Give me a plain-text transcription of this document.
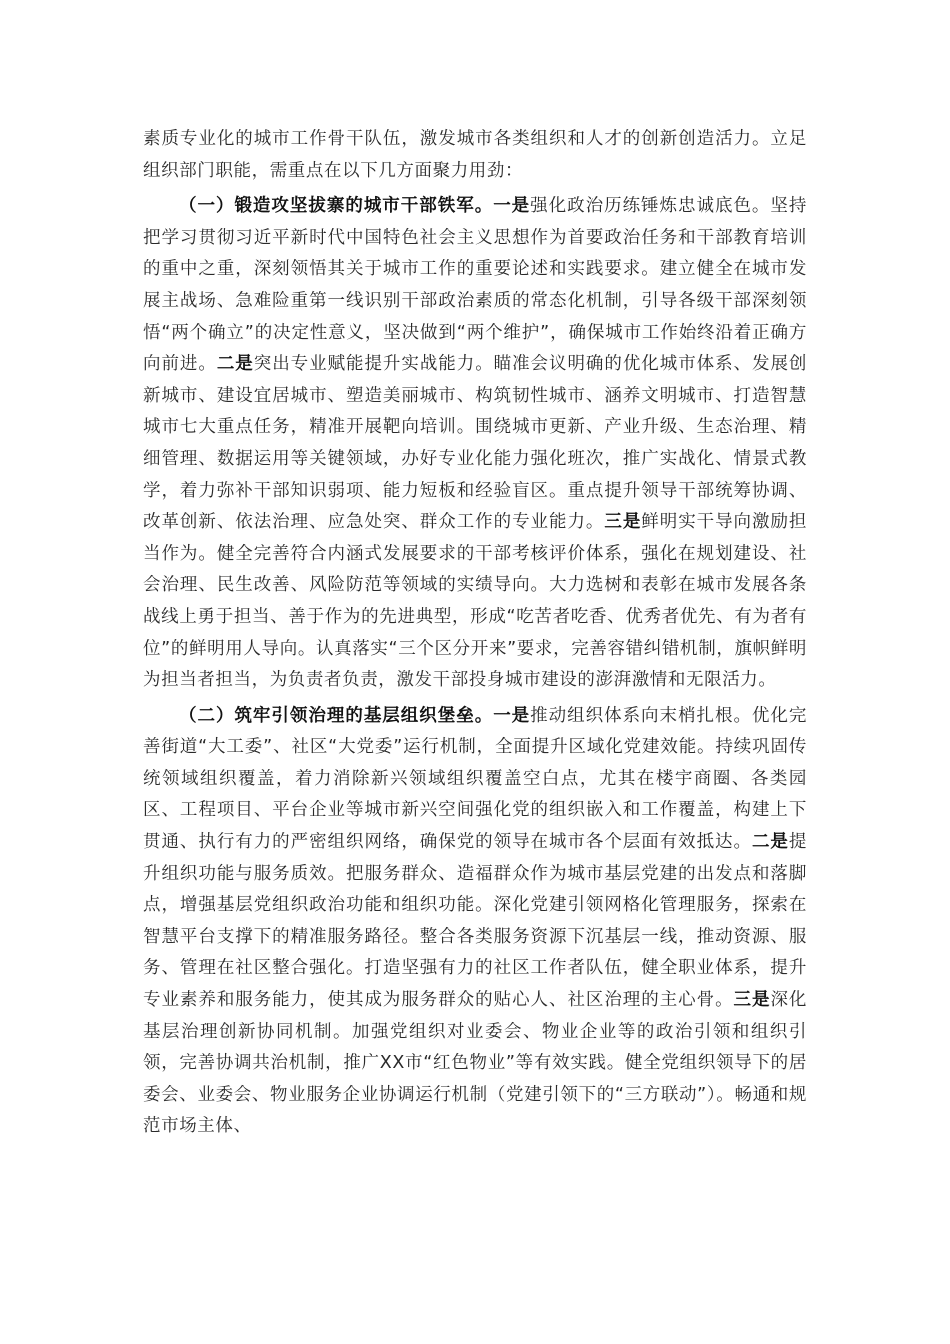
素质专业化的城市工作骨干队伍，激发城市各类组织和人才的创新创造活力。立足组织部门职能，需重点在以下几方面聚力用劲：

（一）锻造攻坚拔寨的城市干部铁军。一是强化政治历练锤炼忠诚底色。坚持把学习贯彻习近平新时代中国特色社会主义思想作为首要政治任务和干部教育培训的重中之重，深刻领悟其关于城市工作的重要论述和实践要求。建立健全在城市发展主战场、急难险重第一线识别干部政治素质的常态化机制，引导各级干部深刻领悟“两个确立”的决定性意义，坚决做到“两个维护”，确保城市工作始终沿着正确方向前进。二是突出专业赋能提升实战能力。瞄准会议明确的优化城市体系、发展创新城市、建设宜居城市、塑造美丽城市、构筑韧性城市、涵养文明城市、打造智慧城市七大重点任务，精准开展靶向培训。围绕城市更新、产业升级、生态治理、精细管理、数据运用等关键领域，办好专业化能力强化班次，推广实战化、情景式教学，着力弥补干部知识弱项、能力短板和经验盲区。重点提升领导干部统筹协调、改革创新、依法治理、应急处突、群众工作的专业能力。三是鲜明实干导向激励担当作为。健全完善符合内涵式发展要求的干部考核评价体系，强化在规划建设、社会治理、民生改善、风险防范等领域的实绩导向。大力选树和表彰在城市发展各条战线上勇于担当、善于作为的先进典型，形成“吃苦者吃香、优秀者优先、有为者有位”的鲜明用人导向。认真落实“三个区分开来”要求，完善容错纠错机制，旗帜鲜明为担当者担当，为负责者负责，激发干部投身城市建设的澎湃激情和无限活力。

（二）筑牢引领治理的基层组织堡垒。一是推动组织体系向末梢扎根。优化完善街道“大工委”、社区“大党委”运行机制，全面提升区域化党建效能。持续巩固传统领域组织覆盖，着力消除新兴领域组织覆盖空白点，尤其在楼宇商圈、各类园区、工程项目、平台企业等城市新兴空间强化党的组织嵌入和工作覆盖，构建上下贯通、执行有力的严密组织网络，确保党的领导在城市各个层面有效抵达。二是提升组织功能与服务质效。把服务群众、造福群众作为城市基层党建的出发点和落脚点，增强基层党组织政治功能和组织功能。深化党建引领网格化管理服务，探索在智慧平台支撑下的精准服务路径。整合各类服务资源下沉基层一线，推动资源、服务、管理在社区整合强化。打造坚强有力的社区工作者队伍，健全职业体系，提升专业素养和服务能力，使其成为服务群众的贴心人、社区治理的主心骨。三是深化基层治理创新协同机制。加强党组织对业委会、物业企业等的政治引领和组织引领，完善协调共治机制，推广XX市“红色物业”等有效实践。健全党组织领导下的居委会、业委会、物业服务企业协调运行机制（党建引领下的“三方联动”）。畅通和规范市场主体、
